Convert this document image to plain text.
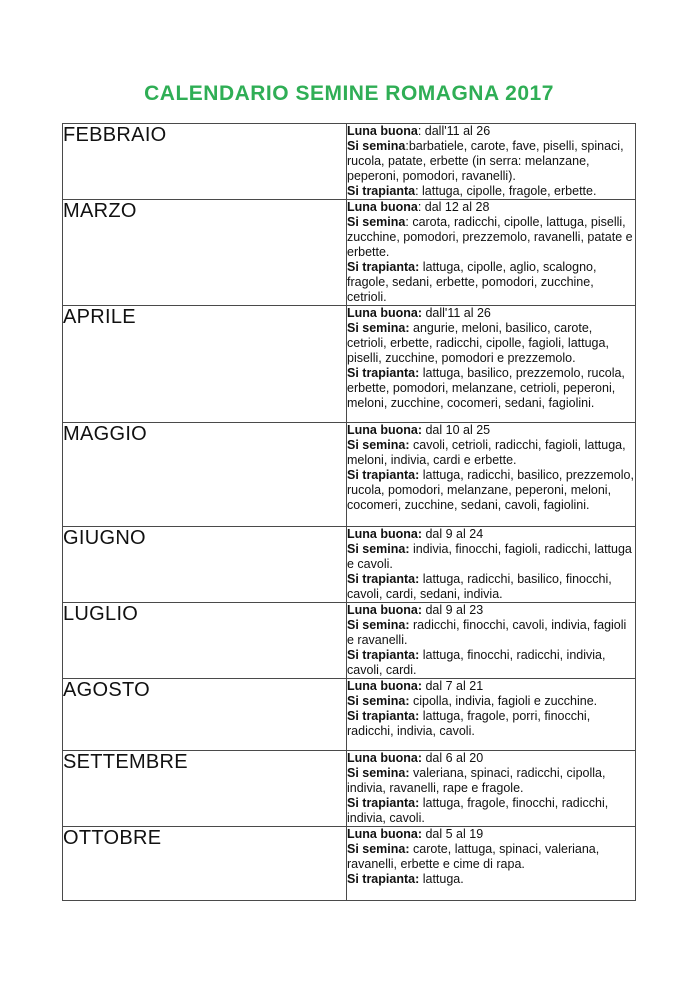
CALENDARIO SEMINE ROMAGNA 2017
FEBBRAIO	Luna buona: dall'11 al 26
Si semina:barbatiele, carote, fave, piselli, spinaci, rucola, patate, erbette (in serra: melanzane, peperoni, pomodori, ravanelli).
Si trapianta: lattuga, cipolle, fragole, erbette.

MARZO	Luna buona: dal 12 al 28
Si semina: carota, radicchi, cipolle, lattuga, piselli, zucchine, pomodori, prezzemolo, ravanelli, patate e erbette.
Si trapianta: lattuga, cipolle, aglio, scalogno, fragole, sedani, erbette, pomodori, zucchine, cetrioli.

APRILE	Luna buona: dall'11 al 26
Si semina: angurie, meloni, basilico, carote, cetrioli, erbette, radicchi, cipolle, fagioli, lattuga, piselli, zucchine, pomodori e prezzemolo.
Si trapianta: lattuga, basilico, prezzemolo, rucola, erbette, pomodori, melanzane, cetrioli, peperoni, meloni, zucchine, cocomeri, sedani, fagiolini.

MAGGIO	Luna buona: dal 10 al 25
Si semina: cavoli, cetrioli, radicchi, fagioli, lattuga, meloni, indivia, cardi e erbette.
Si trapianta: lattuga, radicchi, basilico, prezzemolo, rucola, pomodori, melanzane, peperoni, meloni, cocomeri, zucchine, sedani, cavoli, fagiolini.

GIUGNO	Luna buona: dal 9 al 24
Si semina: indivia, finocchi, fagioli, radicchi, lattuga e cavoli.
Si trapianta: lattuga, radicchi, basilico, finocchi, cavoli, cardi, sedani, indivia.

LUGLIO	Luna buona: dal 9 al 23
Si semina: radicchi, finocchi, cavoli, indivia, fagioli e ravanelli.
Si trapianta: lattuga, finocchi, radicchi, indivia, cavoli, cardi.

AGOSTO	Luna buona: dal 7 al 21
Si semina: cipolla, indivia, fagioli e zucchine.
Si trapianta: lattuga, fragole, porri, finocchi, radicchi, indivia, cavoli.

SETTEMBRE	Luna buona: dal 6 al 20
Si semina: valeriana, spinaci, radicchi, cipolla, indivia, ravanelli, rape e fragole.
Si trapianta: lattuga, fragole, finocchi, radicchi, indivia, cavoli.

OTTOBRE	Luna buona: dal 5 al 19
Si semina: carote, lattuga, spinaci, valeriana, ravanelli, erbette e cime di rapa.
Si trapianta: lattuga.
